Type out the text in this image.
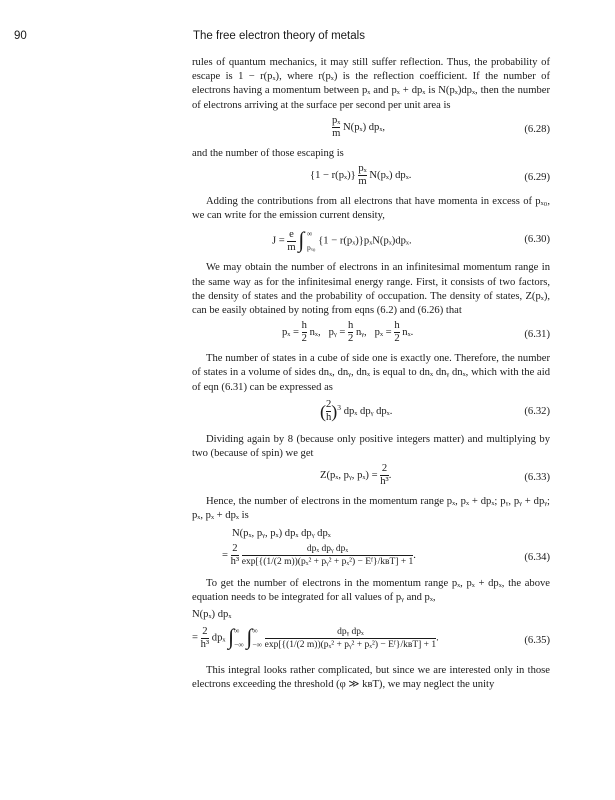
90	The free electron theory of metals

rules of quantum mechanics, it may still suffer reflection. Thus, the probability of escape is 1 − r(pₓ), where r(pₓ) is the reflection coefficient. If the number of electrons having a momentum between pₓ and pₓ + dpₓ is N(pₓ)dpₓ, then the number of electrons arriving at the surface per second per unit area is

$\frac{\text{pₓ}}{m} N(p_x)$ dpₓ,	(6.28)

and the number of those escaping is

$\{1 - r(p_x)\} \frac{\text{pₓ}}{m} N(p_x)$ dpₓ.	(6.29)

Adding the contributions from all electrons that have momenta in excess of pₓ₀, we can write for the emission current density,

$J = \frac{e}{m}$ ∫ ∞
pₓ₀
{1 − r(pₓ)}pₓN(pₓ)dpₓ.	(6.30)

We may obtain the number of electrons in an infinitesimal momentum range in the same way as for the infinitesimal energy range. First, it consists of two factors, the density of states and the probability of occupation. The density of states, Z(pₓ), can be easily obtained by noting from eqns (6.2) and (6.26) that

$p_x = \frac{h}{2} n_x$, pᵧ = $\frac{h}{2}$ nᵧ, $p_x = \frac{h}{2} n_x$.	(6.31)

The number of states in a cube of side one is exactly one. Therefore, the number of states in a volume of sides dnₓ, dnᵧ, dnₓ is equal to dnₓ dnᵧ dnₓ, which with the aid of eqn (6.31) can be expressed as

( $\frac{2}{h} )^3$ dpₓ dpᵧ dpₓ.	(6.32)

Dividing again by 8 (because only positive integers matter) and multiplying by two (because of spin) we get

Z(pₓ, pᵧ, $p_x) = \frac{2}{\text{h³}}$ .	(6.33)

Hence, the number of electrons in the momentum range pₓ, pₓ + dpₓ; pᵧ, pᵧ + dpᵧ; pₓ, pₓ + dpₓ is

N(pₓ, pᵧ, pₓ) dpₓ dpᵧ dpₓ
= $\frac{2}{\text{h³}}$
$\frac{\text{dpₓ dpᵧ dpₓ}}{\text{exp[\{(1/(2 m))(pₓ² + pᵧ² + pₓ²) − Eᶠ\}/kʙT] + 1}}$ .	(6.34)

To get the number of electrons in the momentum range pₓ, pₓ + dpₓ, the above equation needs to be integrated for all values of pᵧ and pₓ,

N(pₓ) dpₓ
= $\frac{2}{\text{h³}}$ dpₓ ∫ ∞
−∞ ∫ ∞
−∞
$\frac{\text{dpᵧ dpₓ}}{\text{exp[\{(1/(2 m))(pₓ² + pᵧ² + pₓ²) − Eᶠ\}/kʙT] + 1}}$ .	(6.35)

This integral looks rather complicated, but since we are interested only in those electrons exceeding the threshold (φ ≫ kʙT), we may neglect the unity
